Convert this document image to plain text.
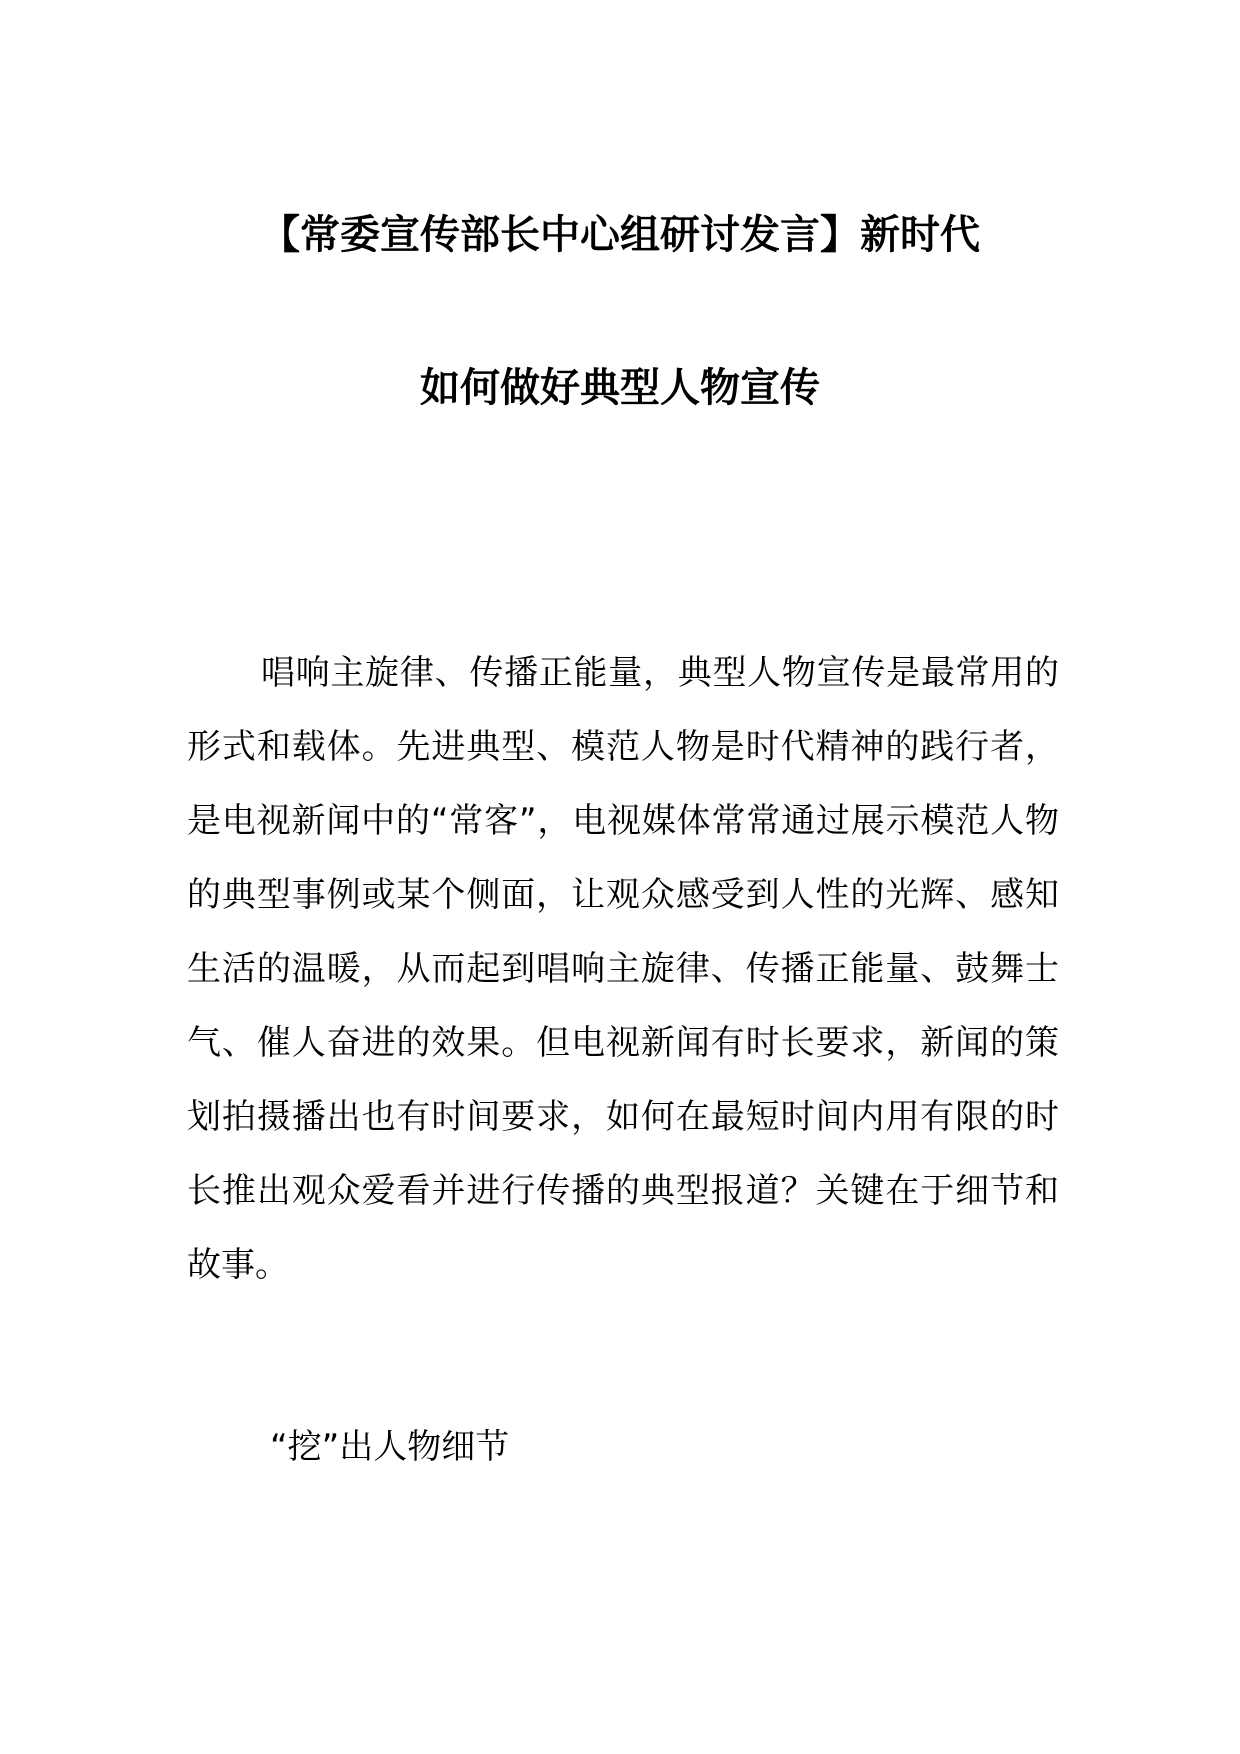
【常委宣传部长中心组研讨发言】新时代
如何做好典型人物宣传

唱响主旋律、传播正能量，典型人物宣传是最常用的形式和载体。先进典型、模范人物是时代精神的践行者，是电视新闻中的“常客”，电视媒体常常通过展示模范人物的典型事例或某个侧面，让观众感受到人性的光辉、感知生活的温暖，从而起到唱响主旋律、传播正能量、鼓舞士气、催人奋进的效果。但电视新闻有时长要求，新闻的策划拍摄播出也有时间要求，如何在最短时间内用有限的时长推出观众爱看并进行传播的典型报道？关键在于细节和故事。

“挖”出人物细节
